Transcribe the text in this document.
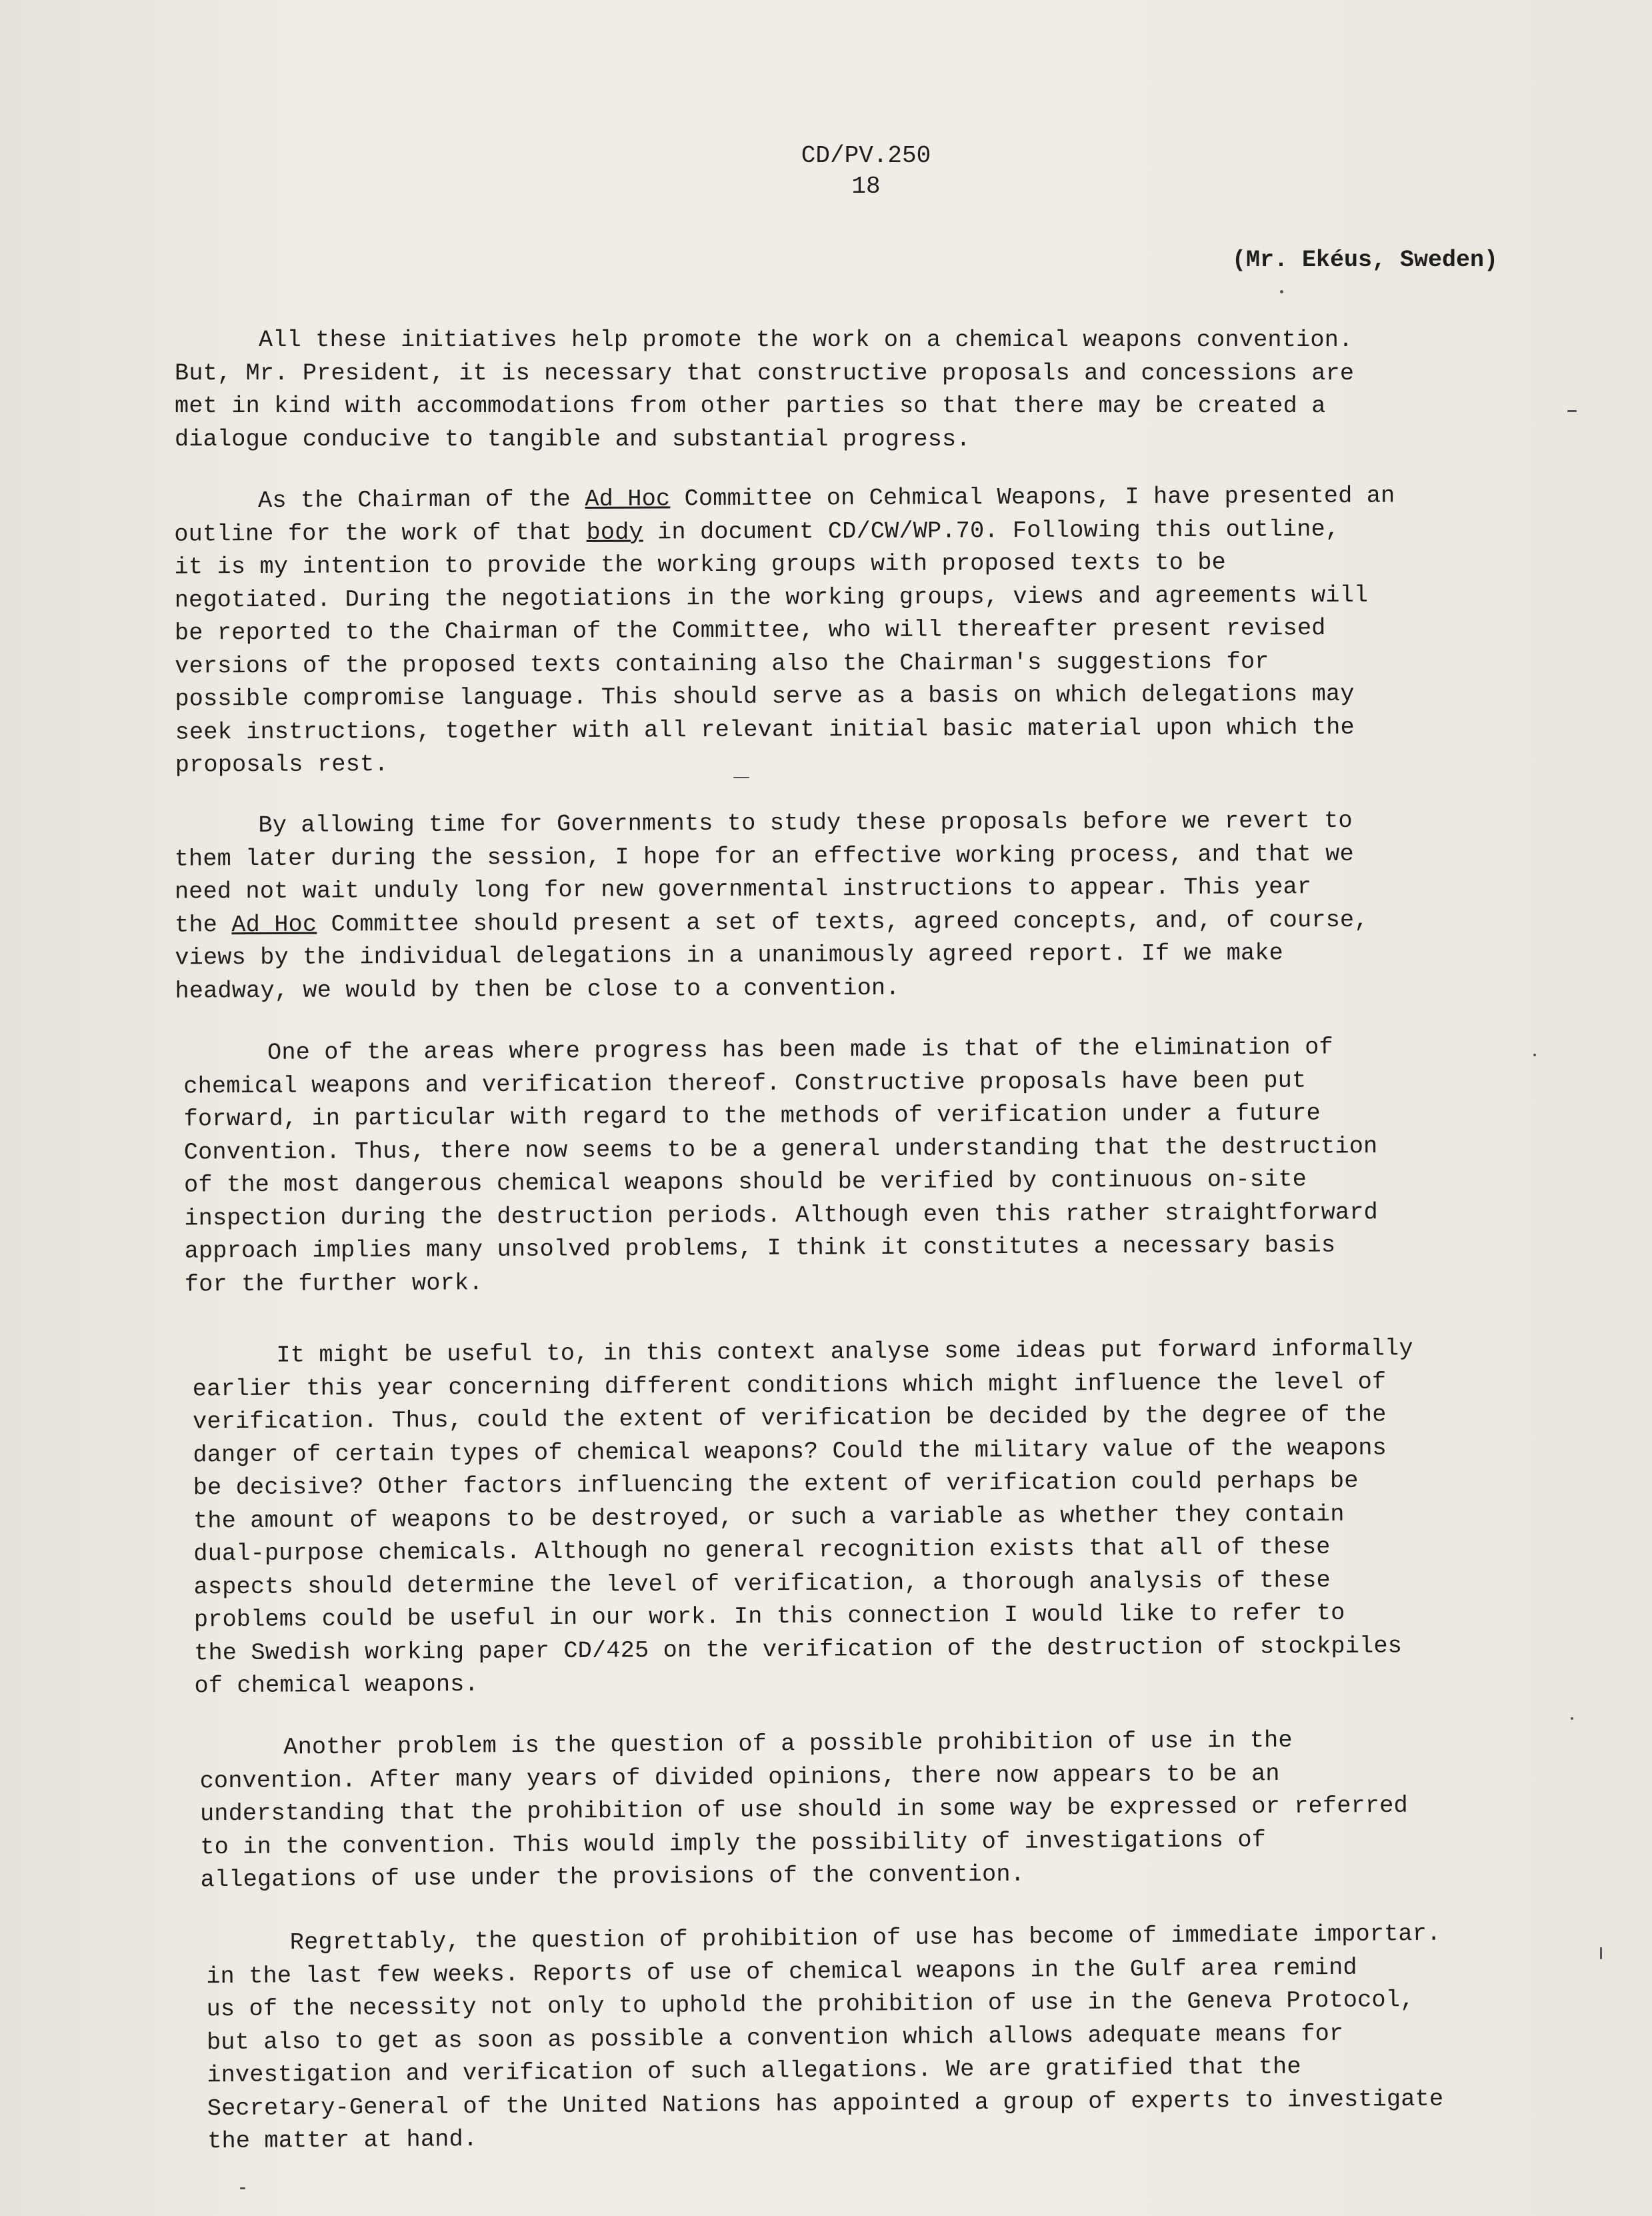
CD/PV.250
18
(Mr. Ekéus, Sweden)
All these initiatives help promote the work on a chemical weapons convention.
But, Mr. President, it is necessary that constructive proposals and concessions are
met in kind with accommodations from other parties so that there may be created a
dialogue conducive to tangible and substantial progress.
As the Chairman of the Ad Hoc Committee on Cehmical Weapons, I have presented an
outline for the work of that body in document CD/CW/WP.70. Following this outline,
it is my intention to provide the working groups with proposed texts to be
negotiated. During the negotiations in the working groups, views and agreements will
be reported to the Chairman of the Committee, who will thereafter present revised
versions of the proposed texts containing also the Chairman's suggestions for
possible compromise language. This should serve as a basis on which delegations may
seek instructions, together with all relevant initial basic material upon which the
proposals rest.
By allowing time for Governments to study these proposals before we revert to
them later during the session, I hope for an effective working process, and that we
need not wait unduly long for new governmental instructions to appear. This year
the Ad Hoc Committee should present a set of texts, agreed concepts, and, of course,
views by the individual delegations in a unanimously agreed report. If we make
headway, we would by then be close to a convention.
One of the areas where progress has been made is that of the elimination of
chemical weapons and verification thereof. Constructive proposals have been put
forward, in particular with regard to the methods of verification under a future
Convention. Thus, there now seems to be a general understanding that the destruction
of the most dangerous chemical weapons should be verified by continuous on-site
inspection during the destruction periods. Although even this rather straightforward
approach implies many unsolved problems, I think it constitutes a necessary basis
for the further work.
It might be useful to, in this context analyse some ideas put forward informally
earlier this year concerning different conditions which might influence the level of
verification. Thus, could the extent of verification be decided by the degree of the
danger of certain types of chemical weapons? Could the military value of the weapons
be decisive? Other factors influencing the extent of verification could perhaps be
the amount of weapons to be destroyed, or such a variable as whether they contain
dual-purpose chemicals. Although no general recognition exists that all of these
aspects should determine the level of verification, a thorough analysis of these
problems could be useful in our work. In this connection I would like to refer to
the Swedish working paper CD/425 on the verification of the destruction of stockpiles
of chemical weapons.
Another problem is the question of a possible prohibition of use in the
convention. After many years of divided opinions, there now appears to be an
understanding that the prohibition of use should in some way be expressed or referred
to in the convention. This would imply the possibility of investigations of
allegations of use under the provisions of the convention.
Regrettably, the question of prohibition of use has become of immediate importar.
in the last few weeks. Reports of use of chemical weapons in the Gulf area remind
us of the necessity not only to uphold the prohibition of use in the Geneva Protocol,
but also to get as soon as possible a convention which allows adequate means for
investigation and verification of such allegations. We are gratified that the
Secretary-General of the United Nations has appointed a group of experts to investigate
the matter at hand.
